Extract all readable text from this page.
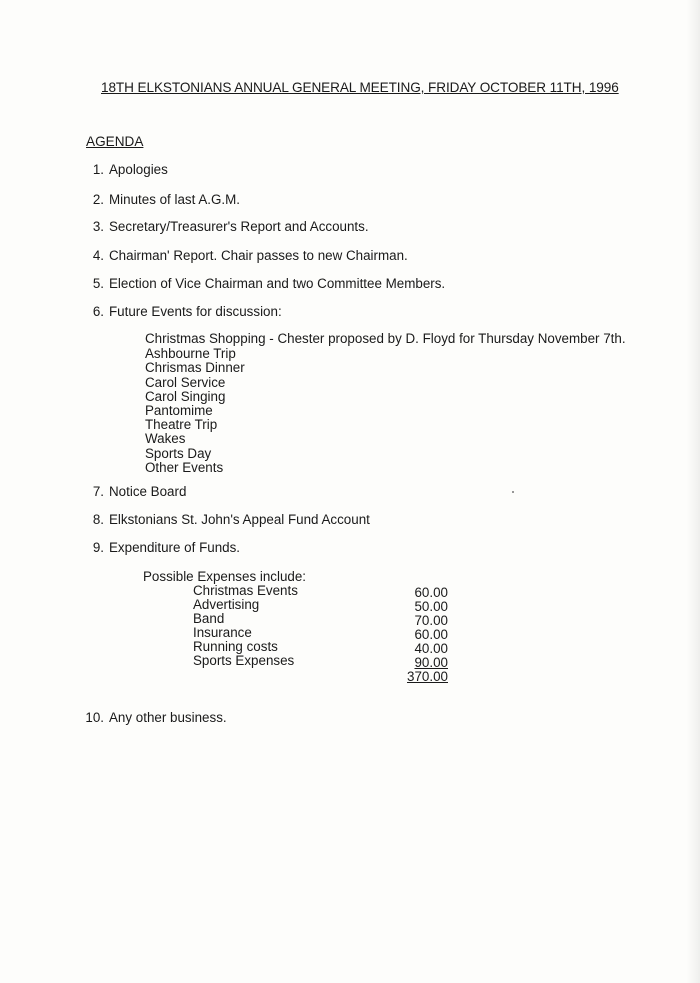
18TH ELKSTONIANS ANNUAL GENERAL MEETING, FRIDAY OCTOBER 11TH, 1996
AGENDA
1. Apologies
2. Minutes of last A.G.M.
3. Secretary/Treasurer's Report and Accounts.
4. Chairman' Report. Chair passes to new Chairman.
5. Election of Vice Chairman and two Committee Members.
6. Future Events for discussion:
Christmas Shopping - Chester proposed by D. Floyd for Thursday November 7th.
Ashbourne Trip
Chrismas Dinner
Carol Service
Carol Singing
Pantomime
Theatre Trip
Wakes
Sports Day
Other Events
7. Notice Board
8. Elkstonians St. John's Appeal Fund Account
9. Expenditure of Funds.
Possible Expenses include:
Christmas Events	60.00
Advertising	50.00
Band	70.00
Insurance	60.00
Running costs	40.00
Sports Expenses	90.00
370.00
10. Any other business.
